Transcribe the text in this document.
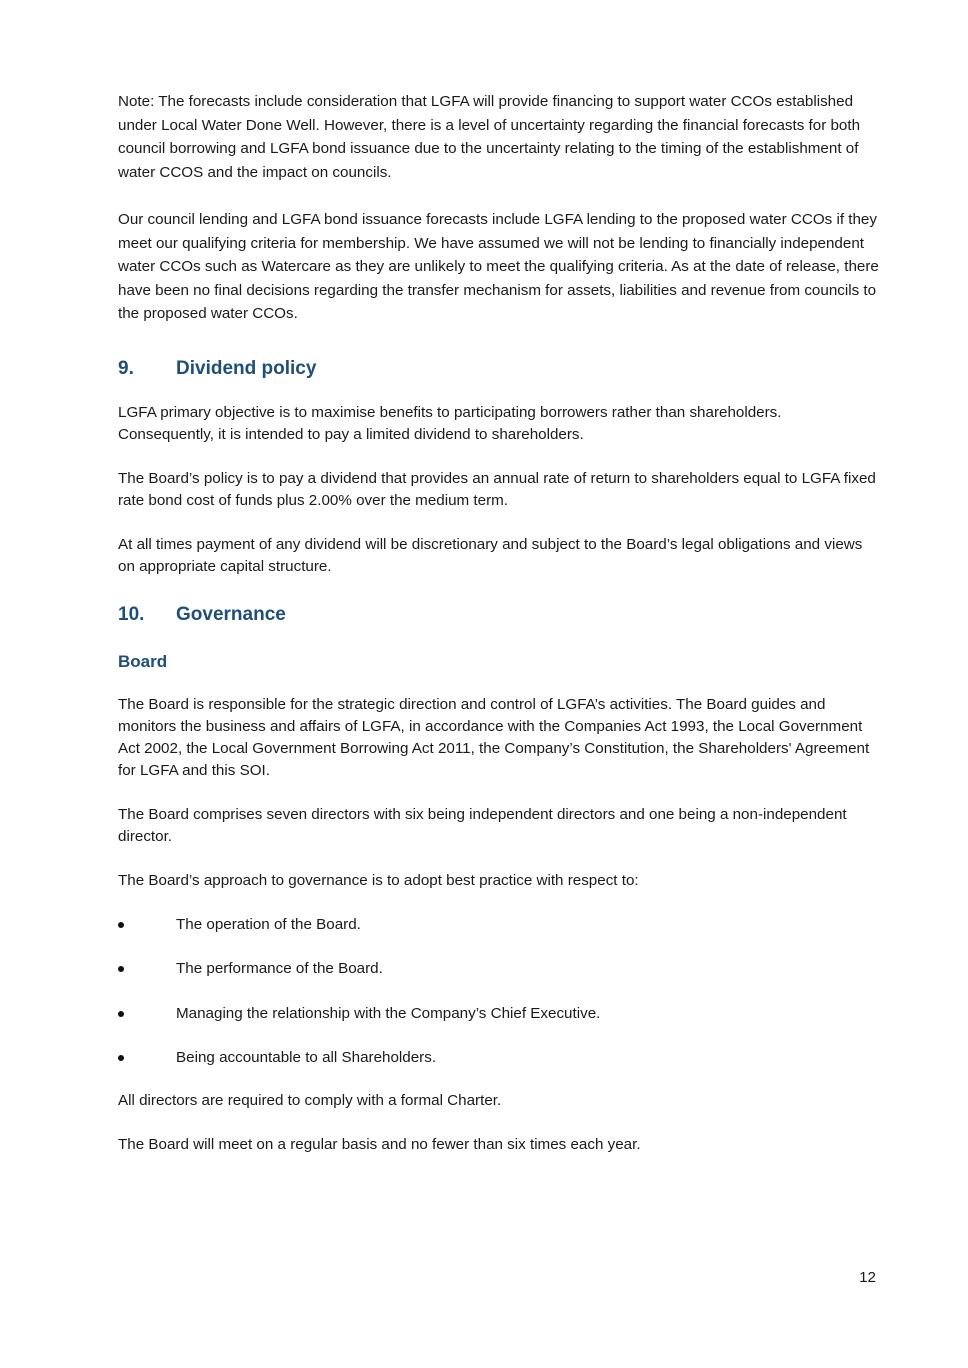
Note: The forecasts include consideration that LGFA will provide financing to support water CCOs established under Local Water Done Well. However, there is a level of uncertainty regarding the financial forecasts for both council borrowing and LGFA bond issuance due to the uncertainty relating to the timing of the establishment of water CCOS and the impact on councils.

Our council lending and LGFA bond issuance forecasts include LGFA lending to the proposed water CCOs if they meet our qualifying criteria for membership. We have assumed we will not be lending to financially independent water CCOs such as Watercare as they are unlikely to meet the qualifying criteria. As at the date of release, there have been no final decisions regarding the transfer mechanism for assets, liabilities and revenue from councils to the proposed water CCOs.

9.	Dividend policy

LGFA primary objective is to maximise benefits to participating borrowers rather than shareholders. Consequently, it is intended to pay a limited dividend to shareholders.

The Board’s policy is to pay a dividend that provides an annual rate of return to shareholders equal to LGFA fixed rate bond cost of funds plus 2.00% over the medium term.

At all times payment of any dividend will be discretionary and subject to the Board’s legal obligations and views on appropriate capital structure.

10.	Governance
Board

The Board is responsible for the strategic direction and control of LGFA’s activities. The Board guides and monitors the business and affairs of LGFA, in accordance with the Companies Act 1993, the Local Government Act 2002, the Local Government Borrowing Act 2011, the Company’s Constitution, the Shareholders' Agreement for LGFA and this SOI.

The Board comprises seven directors with six being independent directors and one being a non-independent director.

The Board’s approach to governance is to adopt best practice with respect to:

The operation of the Board.
The performance of the Board.
Managing the relationship with the Company’s Chief Executive.
Being accountable to all Shareholders.

All directors are required to comply with a formal Charter.

The Board will meet on a regular basis and no fewer than six times each year.

12
